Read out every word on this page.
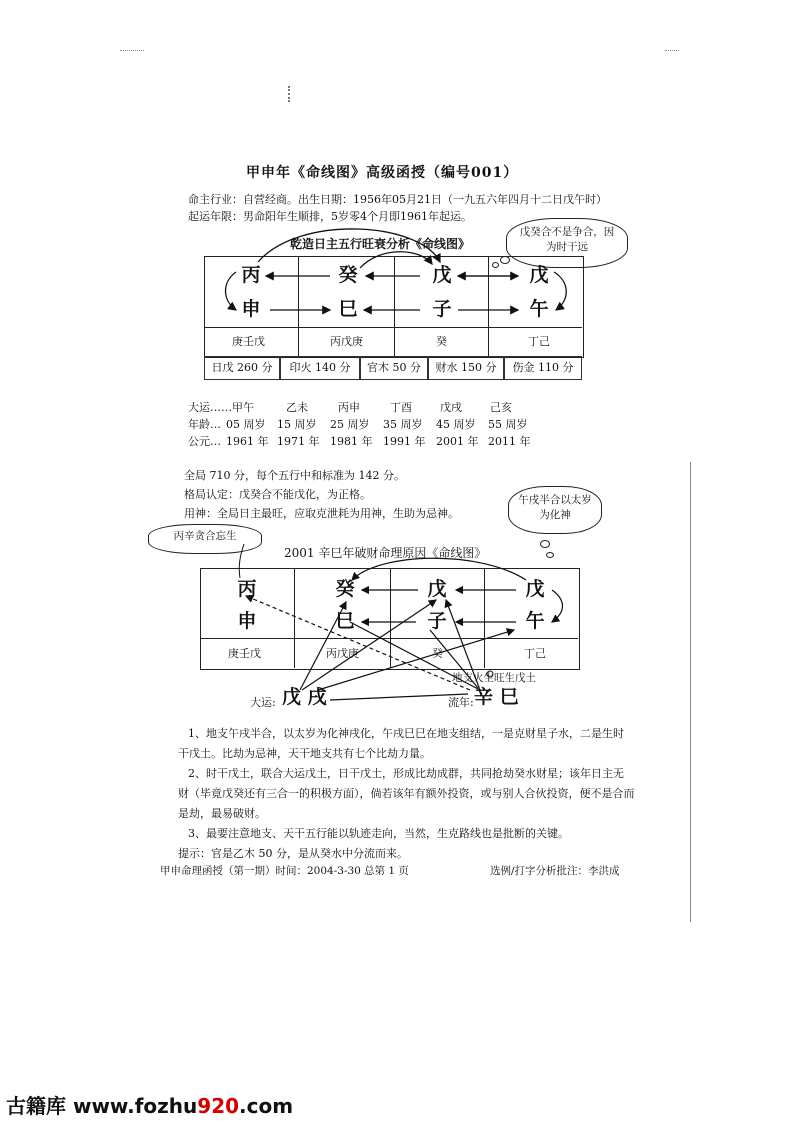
甲申年《命线图》高级函授（编号001）
命主行业：自营经商。出生日期：1956年05月21日（一九五六年四月十二日戊午时）
起运年限：男命阳年生顺排，5岁零4个月即1961年起运。
乾造日主五行旺衰分析《命线图》
戊癸合不是争合，因为时干远
丙	癸	戊	戊
申	巳	子	午
庚壬戊	丙戊庚	癸	丁己
日戊 260 分	印火 140 分	官木 50 分	财水 150 分	伤金 110 分
大运…… 甲午	乙未	丙申	丁酉	戊戌	己亥
年龄… 05 周岁 15 周岁 25 周岁 35 周岁 45 周岁 55 周岁
公元… 1961 年 1971 年 1981 年 1991 年 2001 年 2011 年
全局 710 分，每个五行中和标准为 142 分。
格局认定：戊癸合不能戊化，为正格。
用神：全局日主最旺，应取克泄耗为用神，生助为忌神。
午戌半合以太岁为化神
丙辛贪合忘生
2001 辛巳年破财命理原因《命线图》
丙	癸	戊	戊
申	巳	子	午
庚壬戊	丙戊庚	癸	丁己
地支火生旺生戊土
大运: 戊 戌	流年: 辛 巳
1、地支午戌半合，以太岁为化神戌化，午戌巳巳在地支组结，一是克财星子水，二是生时
干戊土。比劫为忌神，天干地支共有七个比劫力量。
2、时干戊土，联合大运戊土，日干戊土，形成比劫成群，共同抢劫癸水财星；该年日主无
财（毕竟戊癸还有三合一的积极方面），倘若该年有额外投资，或与别人合伙投资，便不是合而
是劫，最易破财。
3、最要注意地支、天干五行能以轨迹走向，当然，生克路线也是批断的关键。
提示：官是乙木 50 分，是从癸水中分流而来。
甲申命理函授（第一期）时间：2004-3-30 总第 1 页	选例/打字分析批注：李洪成
古籍库 www.fozhu920.com
